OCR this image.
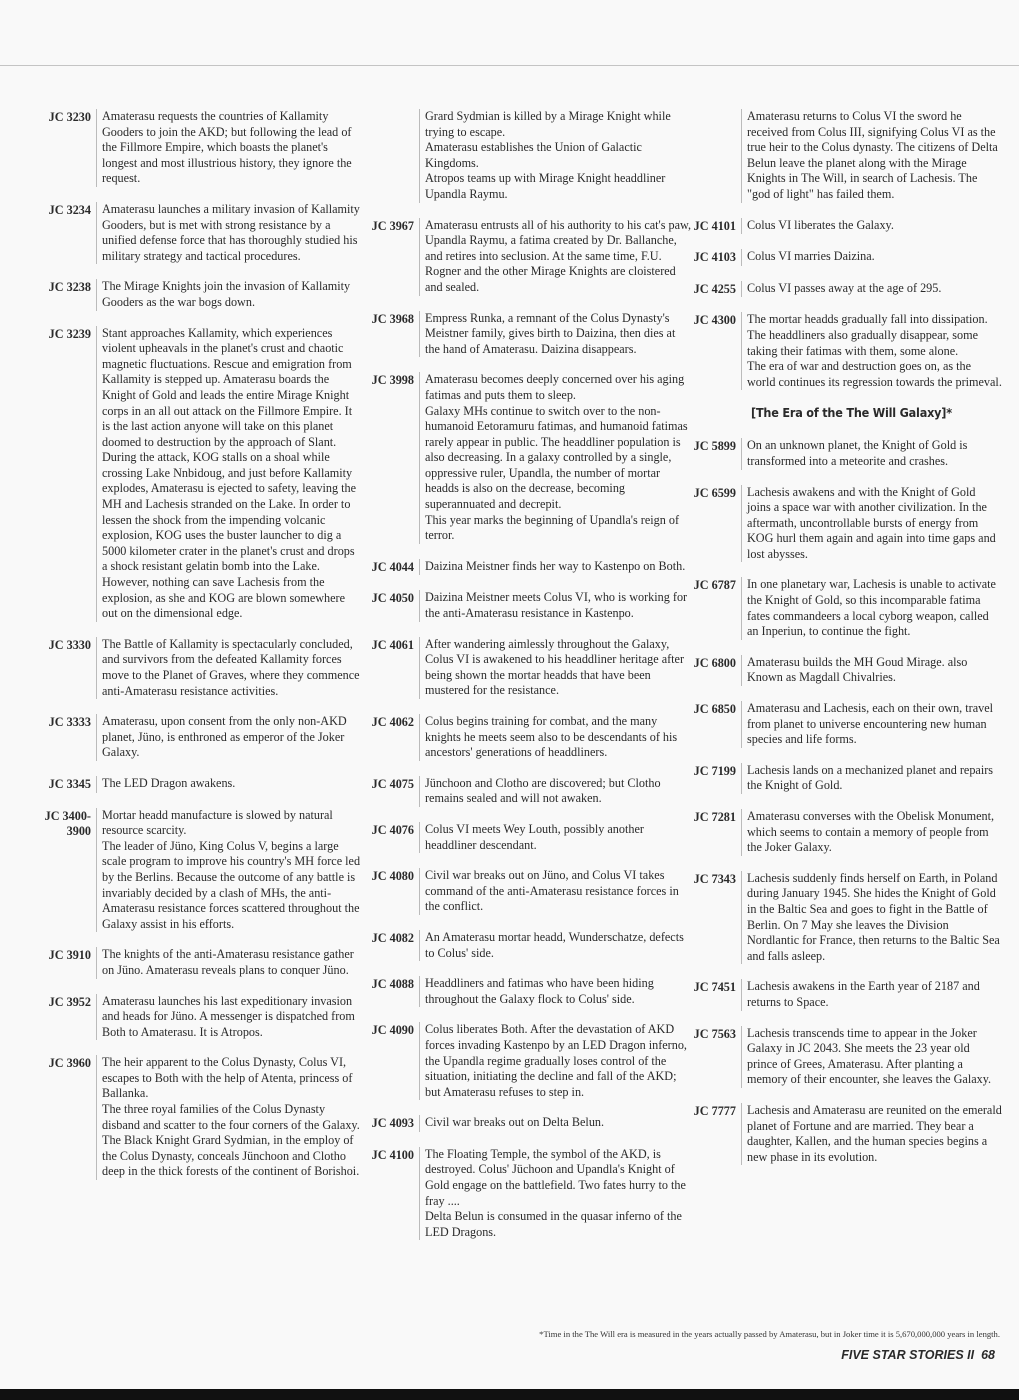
JC 3230 Amaterasu requests the countries of Kallamity Gooders to join the AKD; but following the lead of the Fillmore Empire, which boasts the planet's longest and most illustrious history, they ignore the request.
JC 3234 Amaterasu launches a military invasion of Kallamity Gooders, but is met with strong resistance by a unified defense force that has thoroughly studied his military strategy and tactical procedures.
JC 3238 The Mirage Knights join the invasion of Kallamity Gooders as the war bogs down.
JC 3239 Stant approaches Kallamity, which experiences violent upheavals in the planet's crust and chaotic magnetic fluctuations. Rescue and emigration from Kallamity is stepped up. Amaterasu boards the Knight of Gold and leads the entire Mirage Knight corps in an all out attack on the Fillmore Empire. It is the last action anyone will take on this planet doomed to destruction by the approach of Slant. During the attack, KOG stalls on a shoal while crossing Lake Nnbidoug, and just before Kallamity explodes, Amaterasu is ejected to safety, leaving the MH and Lachesis stranded on the Lake. In order to lessen the shock from the impending volcanic explosion, KOG uses the buster launcher to dig a 5000 kilometer crater in the planet's crust and drops a shock resistant gelatin bomb into the Lake. However, nothing can save Lachesis from the explosion, as she and KOG are blown somewhere out on the dimensional edge.
JC 3330 The Battle of Kallamity is spectacularly concluded, and survivors from the defeated Kallamity forces move to the Planet of Graves, where they commence anti-Amaterasu resistance activities.
JC 3333 Amaterasu, upon consent from the only non-AKD planet, Jüno, is enthroned as emperor of the Joker Galaxy.
JC 3345 The LED Dragon awakens.
JC 3400-
3900
Mortar headd manufacture is slowed by natural resource scarcity.
The leader of Jüno, King Colus V, begins a large scale program to improve his country's MH force led by the Berlins. Because the outcome of any battle is invariably decided by a clash of MHs, the anti-Amaterasu resistance forces scattered throughout the Galaxy assist in his efforts.
JC 3910 The knights of the anti-Amaterasu resistance gather on Jüno. Amaterasu reveals plans to conquer Jüno.
JC 3952 Amaterasu launches his last expeditionary invasion and heads for Jüno. A messenger is dispatched from Both to Amaterasu. It is Atropos.
JC 3960 The heir apparent to the Colus Dynasty, Colus VI, escapes to Both with the help of Atenta, princess of Ballanka.
The three royal families of the Colus Dynasty disband and scatter to the four corners of the Galaxy.
The Black Knight Grard Sydmian, in the employ of the Colus Dynasty, conceals Jünchoon and Clotho deep in the thick forests of the continent of Borishoi.
Grard Sydmian is killed by a Mirage Knight while trying to escape.
Amaterasu establishes the Union of Galactic Kingdoms.
Atropos teams up with Mirage Knight headdliner Upandla Raymu.
JC 3967 Amaterasu entrusts all of his authority to his cat's paw, Upandla Raymu, a fatima created by Dr. Ballanche, and retires into seclusion. At the same time, F.U. Rogner and the other Mirage Knights are cloistered and sealed.
JC 3968 Empress Runka, a remnant of the Colus Dynasty's Meistner family, gives birth to Daizina, then dies at the hand of Amaterasu. Daizina disappears.
JC 3998 Amaterasu becomes deeply concerned over his aging fatimas and puts them to sleep.
Galaxy MHs continue to switch over to the non-humanoid Eetoramuru fatimas, and humanoid fatimas rarely appear in public. The headdliner population is also decreasing. In a galaxy controlled by a single, oppressive ruler, Upandla, the number of mortar headds is also on the decrease, becoming superannuated and decrepit.
This year marks the beginning of Upandla's reign of terror.
JC 4044 Daizina Meistner finds her way to Kastenpo on Both.
JC 4050 Daizina Meistner meets Colus VI, who is working for the anti-Amaterasu resistance in Kastenpo.
JC 4061 After wandering aimlessly throughout the Galaxy, Colus VI is awakened to his headdliner heritage after being shown the mortar headds that have been mustered for the resistance.
JC 4062 Colus begins training for combat, and the many knights he meets seem also to be descendants of his ancestors' generations of headdliners.
JC 4075 Jünchoon and Clotho are discovered; but Clotho remains sealed and will not awaken.
JC 4076 Colus VI meets Wey Louth, possibly another headdliner descendant.
JC 4080 Civil war breaks out on Jüno, and Colus VI takes command of the anti-Amaterasu resistance forces in the conflict.
JC 4082 An Amaterasu mortar headd, Wunderschatze, defects to Colus' side.
JC 4088 Headdliners and fatimas who have been hiding throughout the Galaxy flock to Colus' side.
JC 4090 Colus liberates Both. After the devastation of AKD forces invading Kastenpo by an LED Dragon inferno, the Upandla regime gradually loses control of the situation, initiating the decline and fall of the AKD; but Amaterasu refuses to step in.
JC 4093 Civil war breaks out on Delta Belun.
JC 4100 The Floating Temple, the symbol of the AKD, is destroyed. Colus' Jüchoon and Upandla's Knight of Gold engage on the battlefield. Two fates hurry to the fray ....
Delta Belun is consumed in the quasar inferno of the LED Dragons.
Amaterasu returns to Colus VI the sword he received from Colus III, signifying Colus VI as the true heir to the Colus dynasty. The citizens of Delta Belun leave the planet along with the Mirage Knights in The Will, in search of Lachesis. The "god of light" has failed them.
JC 4101 Colus VI liberates the Galaxy.
JC 4103 Colus VI marries Daizina.
JC 4255 Colus VI passes away at the age of 295.
JC 4300 The mortar headds gradually fall into dissipation. The headdliners also gradually disappear, some taking their fatimas with them, some alone.
The era of war and destruction goes on, as the world continues its regression towards the primeval.
[The Era of the The Will Galaxy]*
JC 5899 On an unknown planet, the Knight of Gold is transformed into a meteorite and crashes.
JC 6599 Lachesis awakens and with the Knight of Gold joins a space war with another civilization. In the aftermath, uncontrollable bursts of energy from KOG hurl them again and again into time gaps and lost abysses.
JC 6787 In one planetary war, Lachesis is unable to activate the Knight of Gold, so this incomparable fatima fates commandeers a local cyborg weapon, called an Inperiun, to continue the fight.
JC 6800 Amaterasu builds the MH Goud Mirage. also Known as Magdall Chivalries.
JC 6850 Amaterasu and Lachesis, each on their own, travel from planet to universe encountering new human species and life forms.
JC 7199 Lachesis lands on a mechanized planet and repairs the Knight of Gold.
JC 7281 Amaterasu converses with the Obelisk Monument, which seems to contain a memory of people from the Joker Galaxy.
JC 7343 Lachesis suddenly finds herself on Earth, in Poland during January 1945. She hides the Knight of Gold in the Baltic Sea and goes to fight in the Battle of Berlin. On 7 May she leaves the Division Nordlantic for France, then returns to the Baltic Sea and falls asleep.
JC 7451 Lachesis awakens in the Earth year of 2187 and returns to Space.
JC 7563 Lachesis transcends time to appear in the Joker Galaxy in JC 2043. She meets the 23 year old prince of Grees, Amaterasu. After planting a memory of their encounter, she leaves the Galaxy.
JC 7777 Lachesis and Amaterasu are reunited on the emerald planet of Fortune and are married. They bear a daughter, Kallen, and the human species begins a new phase in its evolution.
*Time in the The Will era is measured in the years actually passed by Amaterasu, but in Joker time it is 5,670,000,000 years in length.
FIVE STAR STORIES II 68
